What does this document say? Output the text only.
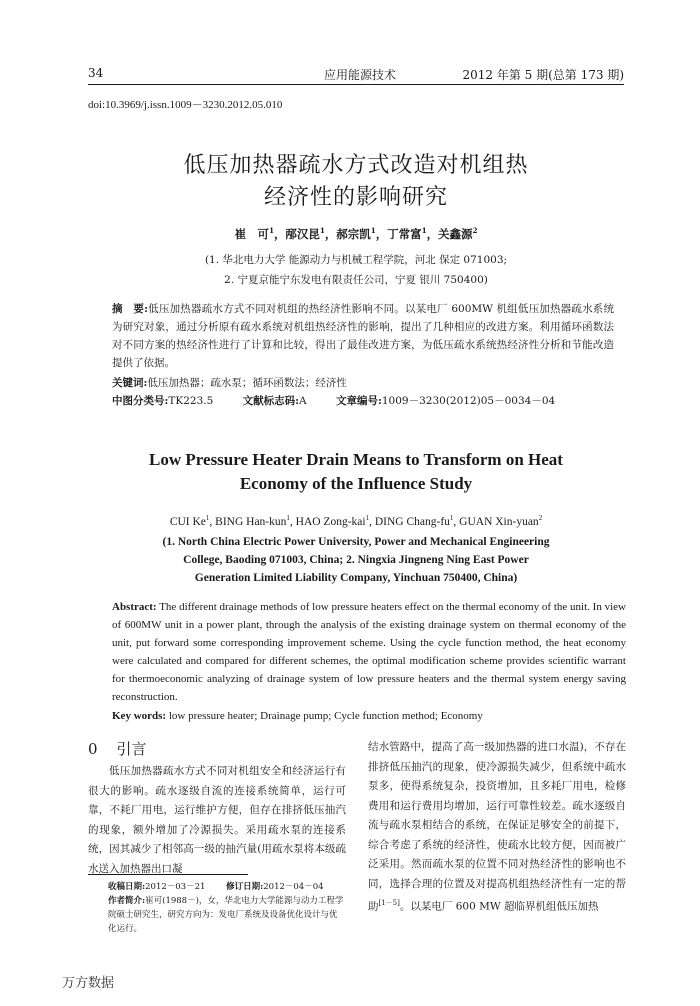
34	应用能源技术	2012 年第 5 期(总第 173 期)
doi:10.3969/j.issn.1009－3230.2012.05.010
低压加热器疏水方式改造对机组热
经济性的影响研究
崔　可$^1$，邴汉昆$^1$，郝宗凯$^1$，丁常富$^1$，关鑫源$^2$
(1. 华北电力大学 能源动力与机械工程学院，河北 保定 071003;
2. 宁夏京能宁东发电有限责任公司，宁夏 银川 750400)
摘　要:低压加热器疏水方式不同对机组的热经济性影响不同。以某电厂 600MW 机组低压加热器疏水系统为研究对象，通过分析原有疏水系统对机组热经济性的影响，提出了几种相应的改进方案。利用循环函数法对不同方案的热经济性进行了计算和比较，得出了最佳改进方案，为低压疏水系统热经济性分析和节能改造提供了依据。
关键词:低压加热器；疏水泵；循环函数法；经济性
中图分类号:TK223.5	文献标志码:A	文章编号:1009－3230(2012)05－0034－04
Low Pressure Heater Drain Means to Transform on Heat
Economy of the Influence Study
CUI Ke$^1$, BING Han-kun$^1$, HAO Zong-kai$^1$, DING Chang-$fu^1$, GUAN Xin-yuan$^2$
(1. North China Electric Power University, Power and Mechanical Engineering
College, Baoding 071003, China; 2. Ningxia Jingneng Ning East Power
Generation Limited Liability Company, Yinchuan 750400, China)
Abstract: The different drainage methods of low pressure heaters effect on the thermal economy of the unit. In view of 600MW unit in a power plant, through the analysis of the existing drainage system on thermal economy of the unit, put forward some corresponding improvement scheme. Using the cycle function method, the heat economy were calculated and compared for different schemes, the optimal modification scheme provides scientific warrant for thermoeconomic analyzing of drainage system of low pressure heaters and the thermal system energy saving reconstruction.
Key words: low pressure heater; Drainage pump; Cycle function method; Economy
0 引言
低压加热器疏水方式不同对机组安全和经济运行有很大的影响。疏水逐级自流的连接系统简单，运行可靠，不耗厂用电，运行维护方便，但存在排挤低压抽汽的现象，额外增加了冷源损失。采用疏水泵的连接系统，因其减少了相邻高一级的抽汽量(用疏水泵将本级疏水送入加热器出口凝
收稿日期:2012－03－21 修订日期:2012－04－04
作者简介:崔可(1988－)，女，华北电力大学能源与动力工程学院硕士研究生，研究方向为：发电厂系统及设备优化设计与优化运行。
结水管路中，提高了高一级加热器的进口水温)，不存在排挤低压抽汽的现象，使冷源损失减少，但系统中疏水泵多，使得系统复杂，投资增加，且多耗厂用电，检修费用和运行费用均增加，运行可靠性较差。疏水逐级自流与疏水泵相结合的系统，在保证足够安全的前提下，综合考虑了系统的经济性，使疏水比较方便，因而被广泛采用。然而疏水泵的位置不同对热经济性的影响也不同，选择合理的位置及对提高机组热经济性有一定的帮助[1－5]。以某电厂 600 MW 超临界机组低压加热
万方数据
